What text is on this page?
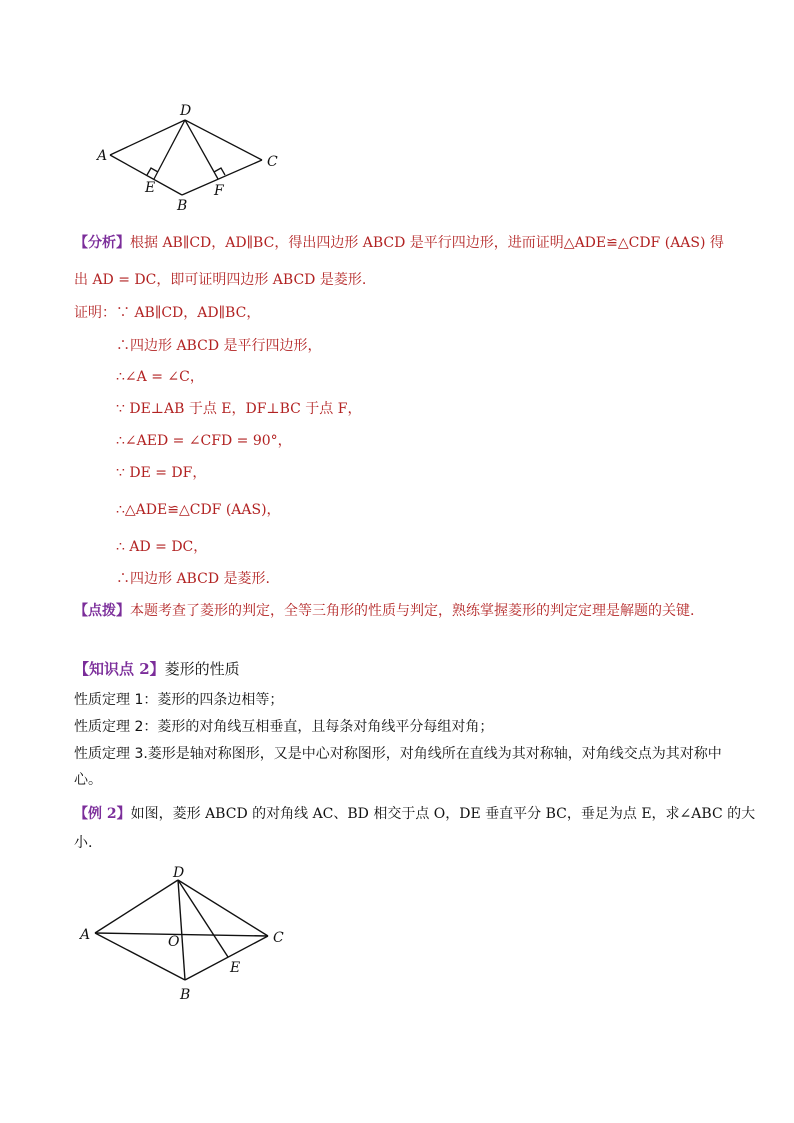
D
A	C
E	F
B
【分析】根据 AB∥CD，AD∥BC，得出四边形 ABCD 是平行四边形，进而证明△ADE≌△CDF (AAS) 得
出 AD = DC，即可证明四边形 ABCD 是菱形.
证明：∵ AB∥CD，AD∥BC，
∴四边形 ABCD 是平行四边形，
∴∠A = ∠C，
∵ DE⊥AB 于点 E，DF⊥BC 于点 F，
∴∠AED = ∠CFD = 90°，
∵ DE = DF，
∴△ADE≌△CDF (AAS)，
∴ AD = DC，
∴四边形 ABCD 是菱形.
【点拨】本题考查了菱形的判定，全等三角形的性质与判定，熟练掌握菱形的判定定理是解题的关键.
【知识点 2】菱形的性质
性质定理 1：菱形的四条边相等；
性质定理 2：菱形的对角线互相垂直，且每条对角线平分每组对角；
性质定理 3.菱形是轴对称图形，又是中心对称图形，对角线所在直线为其对称轴，对角线交点为其对称中
心。
【例 2】如图，菱形 ABCD 的对角线 AC、BD 相交于点 O，DE 垂直平分 BC，垂足为点 E，求∠ABC 的大
小.
D
A	C
O
E
B
